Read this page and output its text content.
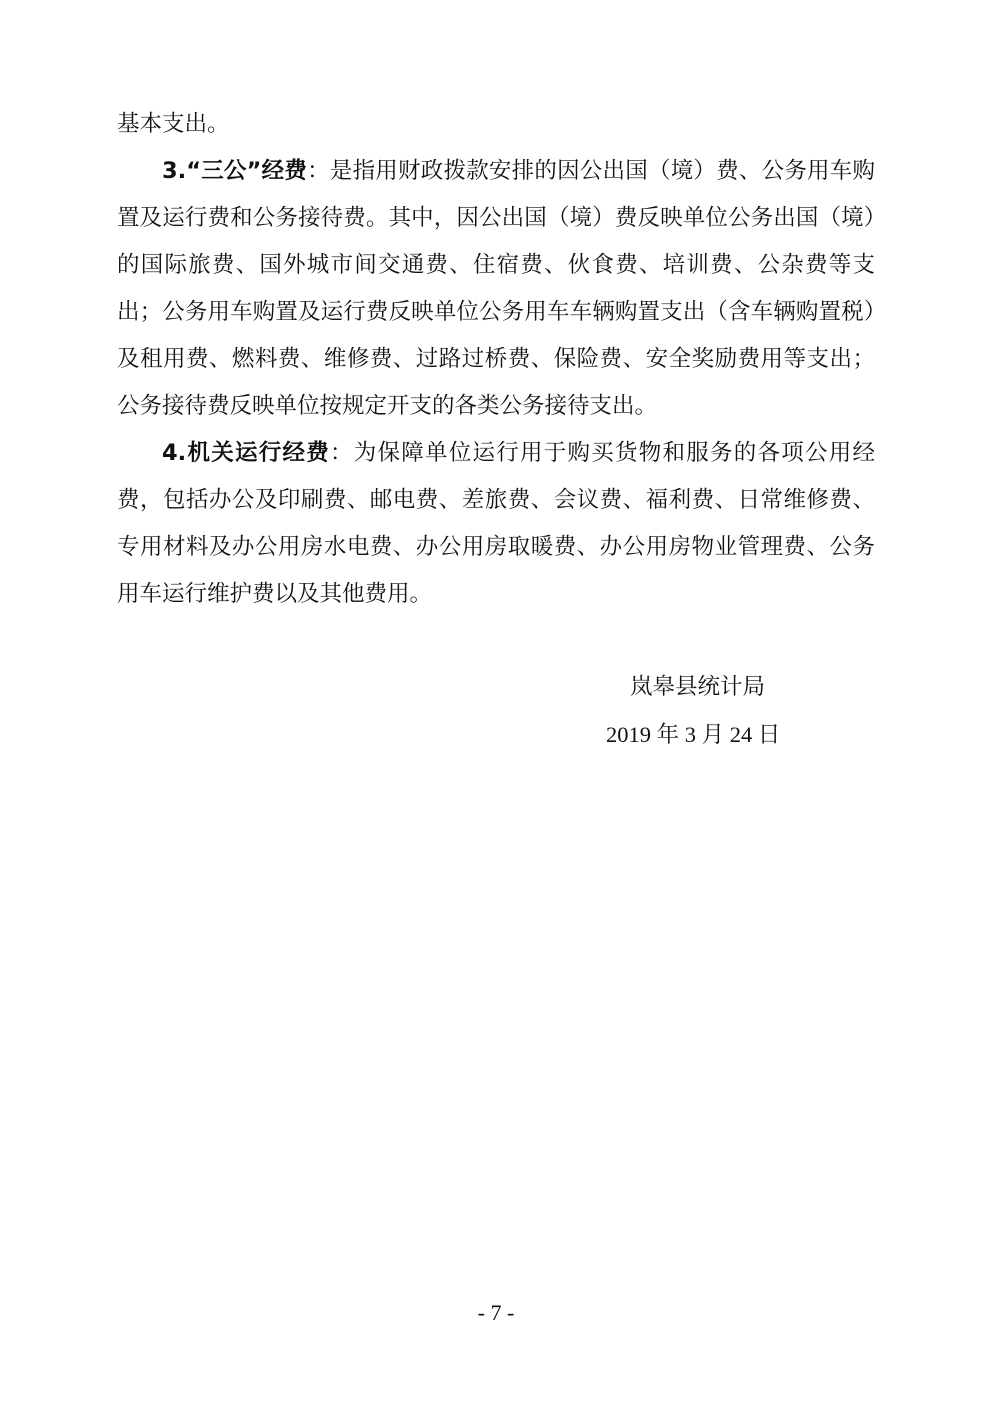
基本支出。

3.“三公”经费：是指用财政拨款安排的因公出国（境）费、公务用车购置及运行费和公务接待费。其中，因公出国（境）费反映单位公务出国（境）的国际旅费、国外城市间交通费、住宿费、伙食费、培训费、公杂费等支出；公务用车购置及运行费反映单位公务用车车辆购置支出（含车辆购置税）及租用费、燃料费、维修费、过路过桥费、保险费、安全奖励费用等支出；公务接待费反映单位按规定开支的各类公务接待支出。

4.机关运行经费：为保障单位运行用于购买货物和服务的各项公用经费，包括办公及印刷费、邮电费、差旅费、会议费、福利费、日常维修费、专用材料及办公用房水电费、办公用房取暖费、办公用房物业管理费、公务用车运行维护费以及其他费用。

岚皋县统计局
2019 年 3 月 24 日
- 7 -
